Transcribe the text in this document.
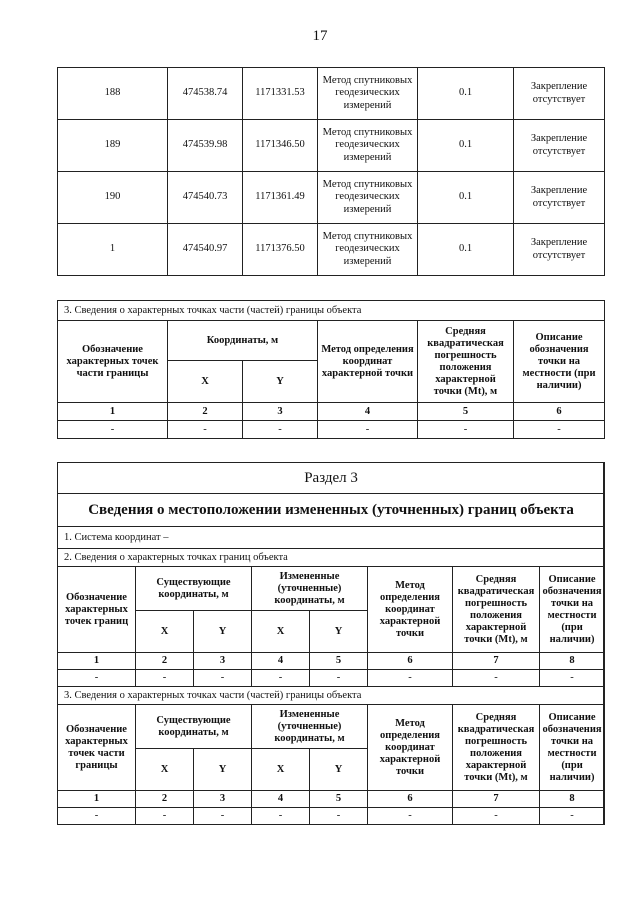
17
188	474538.74	1171331.53	Метод спутниковых геодезических измерений	0.1	Закрепление отсутствует
189	474539.98	1171346.50	Метод спутниковых геодезических измерений	0.1	Закрепление отсутствует
190	474540.73	1171361.49	Метод спутниковых геодезических измерений	0.1	Закрепление отсутствует
1	474540.97	1171376.50	Метод спутниковых геодезических измерений	0.1	Закрепление отсутствует
3. Сведения о характерных точках части (частей) границы объекта					
Обозначение характерных точек части границы	Координаты, м		Метод определения координат характерной точки	Средняя квадратическая погрешность положения характерной точки (Mt), м	Описание обозначения точки на местности (при наличии)
	X	Y			
1	2	3	4	5	6
-	-	-	-	-	-
Раздел 3							
Сведения о местоположении измененных (уточненных) границ объекта							
1. Система координат –							
2. Сведения о характерных точках границ объекта							
Обозначение характерных точек границ	Существующие координаты, м		Измененные (уточненные) координаты, м		Метод определения координат характерной точки	Средняя квадратическая погрешность положения характерной точки (Mt), м	Описание обозначения точки на местности (при наличии)
	X	Y	X	Y			
1	2	3	4	5	6	7	8
-	-	-	-	-	-	-	-
3. Сведения о характерных точках части (частей) границы объекта							
Обозначение характерных точек части границы	Существующие координаты, м		Измененные (уточненные) координаты, м		Метод определения координат характерной точки	Средняя квадратическая погрешность положения характерной точки (Mt), м	Описание обозначения точки на местности (при наличии)
	X	Y	X	Y			
1	2	3	4	5	6	7	8
-	-	-	-	-	-	-	-
